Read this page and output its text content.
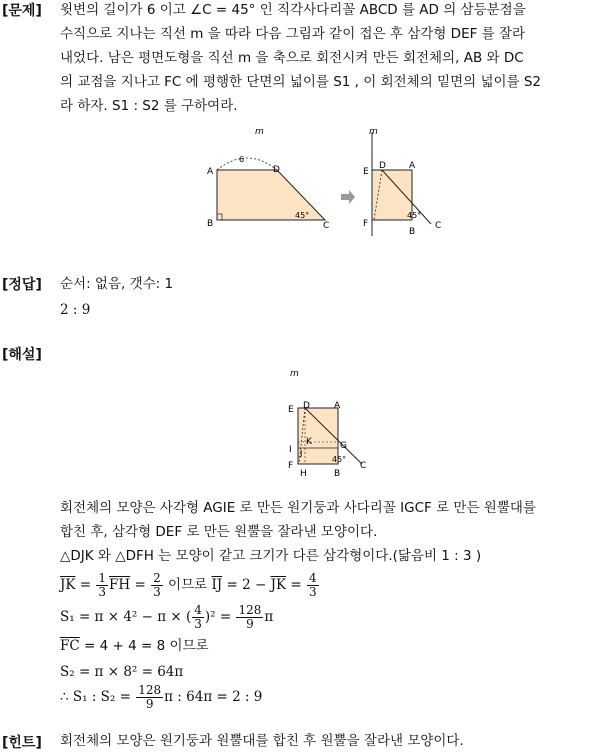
[문제] 윗변의 길이가 6 이고 ∠C = 45° 인 직각사다리꼴 ABCD 를 AD 의 삼등분점을
수직으로 지나는 직선 m 을 따라 다음 그림과 같이 접은 후 삼각형 DEF 를 잘라
내었다. 남은 평면도형을 직선 m 을 축으로 회전시켜 만든 회전체의, AB 와 DC
의 교점을 지나고 FC 에 평행한 단면의 넓이를 S1 , 이 회전체의 밑면의 넓이를 S2
라 하자. S1 : S2 를 구하여라.
m
A
B	C
D
6
45°
m
E
D	A
F
B
C
45°
[정답] 순서: 없음, 갯수: 1
2 : 9
[해설]
m
E D	A
I J
K	G
F
H	B
C
45°
회전체의 모양은 사각형 AGIE 로 만든 원기둥과 사다리꼴 IGCF 로 만든 원뿔대를
합친 후, 삼각형 DEF 로 만든 원뿔을 잘라낸 모양이다.
△DJK 와 △DFH 는 모양이 같고 크기가 다른 삼각형이다.(닮음비 1 : 3 )
$\overline{JK} = \frac{1}{3} \overline{FH} = \frac{2}{3}$ 이므로 $\overline{IJ} = 2 - \overline{JK} = \frac{4}{3}$
S₁ = π × 4² − π × ( $\frac{4}{3} )^2 = \frac{128}{9}$ π
$\overline{FC} = 4 + 4 = 8$ 이므로
S₂ = π × 8² = 64π
∴ S₁ : $S_2 = \frac{128}{9}$ π : 64π = 2 : 9
[힌트] 회전체의 모양은 원기둥과 원뿔대를 합친 후 원뿔을 잘라낸 모양이다.
